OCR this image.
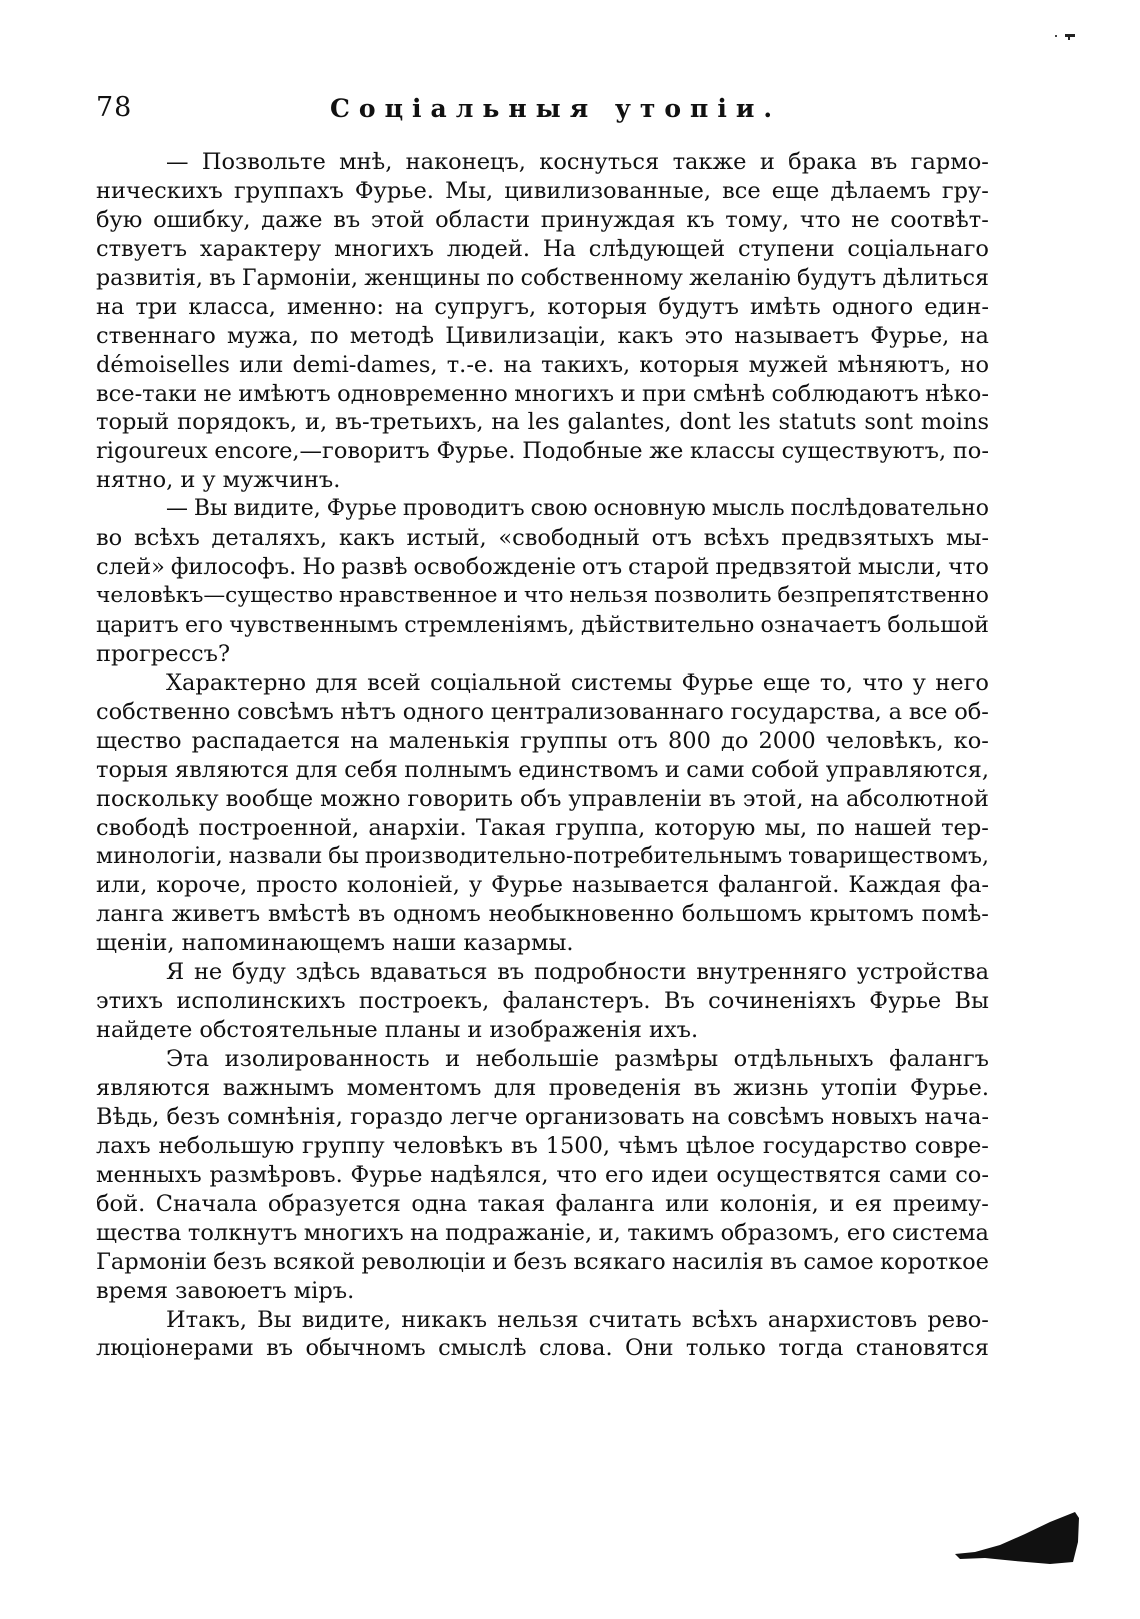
78	Соціальныя утопіи.
— Позвольте мнѣ, наконецъ, коснуться также и брака въ гармо-
ническихъ группахъ Фурье. Мы, цивилизованные, все еще дѣлаемъ гру-
бую ошибку, даже въ этой области принуждая къ тому, что не соотвѣт-
ствуетъ характеру многихъ людей. На слѣдующей ступени соціальнаго
развитія, въ Гармоніи, женщины по собственному желанію будутъ дѣлиться
на три класса, именно: на супругъ, которыя будутъ имѣть одного един-
ственнаго мужа, по методѣ Цивилизаціи, какъ это называетъ Фурье, на
démoiselles или demi-dames, т.-е. на такихъ, которыя мужей мѣняютъ, но
все-таки не имѣютъ одновременно многихъ и при смѣнѣ соблюдаютъ нѣко-
торый порядокъ, и, въ-третьихъ, на les galantes, dont les statuts sont moins
rigoureux encore,—говоритъ Фурье. Подобные же классы существуютъ, по-
нятно, и у мужчинъ.
— Вы видите, Фурье проводитъ свою основную мысль послѣдовательно
во всѣхъ деталяхъ, какъ истый, «свободный отъ всѣхъ предвзятыхъ мы-
слей» философъ. Но развѣ освобожденіе отъ старой предвзятой мысли, что
человѣкъ—существо нравственное и что нельзя позволить безпрепятственно
царитъ его чувственнымъ стремленіямъ, дѣйствительно означаетъ большой
прогрессъ?
Характерно для всей соціальной системы Фурье еще то, что у него
собственно совсѣмъ нѣтъ одного централизованнаго государства, а все об-
щество распадается на маленькія группы отъ 800 до 2000 человѣкъ, ко-
торыя являются для себя полнымъ единствомъ и сами собой управляются,
поскольку вообще можно говорить объ управленіи въ этой, на абсолютной
свободѣ построенной, анархіи. Такая группа, которую мы, по нашей тер-
минологіи, назвали бы производительно-потребительнымъ товариществомъ,
или, короче, просто колоніей, у Фурье называется фалангой. Каждая фа-
ланга живетъ вмѣстѣ въ одномъ необыкновенно большомъ крытомъ помѣ-
щеніи, напоминающемъ наши казармы.
Я не буду здѣсь вдаваться въ подробности внутренняго устройства
этихъ исполинскихъ построекъ, фаланстеръ. Въ сочиненіяхъ Фурье Вы
найдете обстоятельные планы и изображенія ихъ.
Эта изолированность и небольшіе размѣры отдѣльныхъ фалангъ
являются важнымъ моментомъ для проведенія въ жизнь утопіи Фурье.
Вѣдь, безъ сомнѣнія, гораздо легче организовать на совсѣмъ новыхъ нача-
лахъ небольшую группу человѣкъ въ 1500, чѣмъ цѣлое государство совре-
менныхъ размѣровъ. Фурье надѣялся, что его идеи осуществятся сами со-
бой. Сначала образуется одна такая фаланга или колонія, и ея преиму-
щества толкнутъ многихъ на подражаніе, и, такимъ образомъ, его система
Гармоніи безъ всякой революціи и безъ всякаго насилія въ самое короткое
время завоюетъ міръ.
Итакъ, Вы видите, никакъ нельзя считать всѣхъ анархистовъ рево-
люціонерами въ обычномъ смыслѣ слова. Они только тогда становятся
